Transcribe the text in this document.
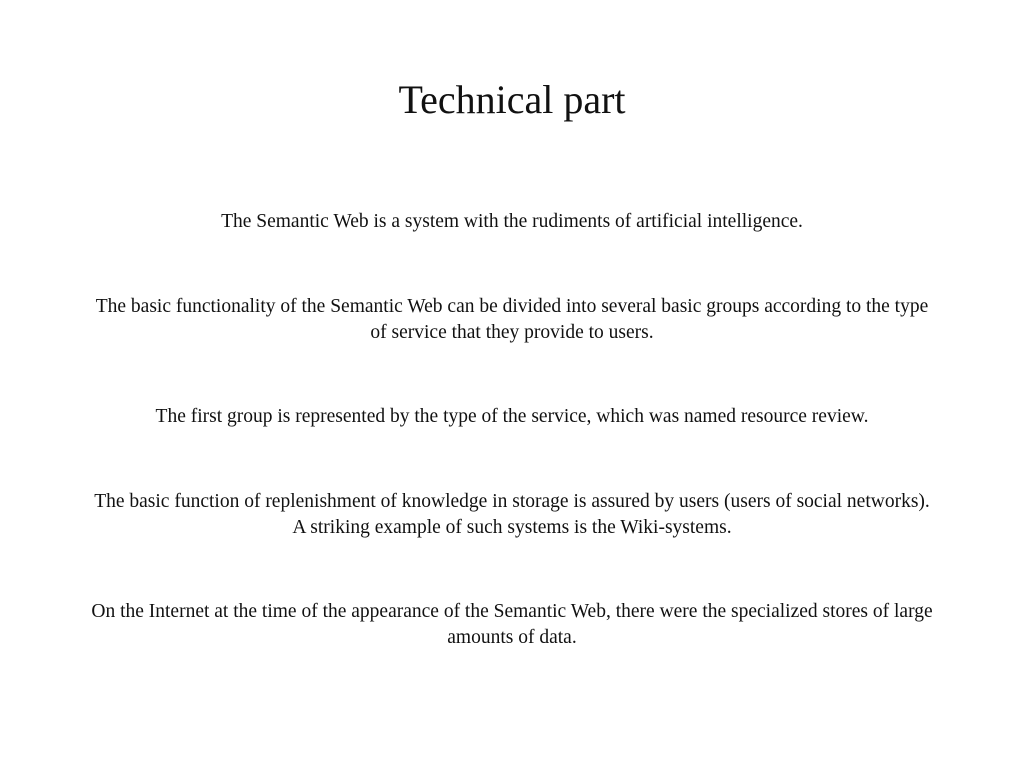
Technical part

The Semantic Web is a system with the rudiments of artificial intelligence.

The basic functionality of the Semantic Web can be divided into several basic groups according to the type
of service that they provide to users.

The first group is represented by the type of the service, which was named resource review.

The basic function of replenishment of knowledge in storage is assured by users (users of social networks).
A striking example of such systems is the Wiki-systems.

On the Internet at the time of the appearance of the Semantic Web, there were the specialized stores of large
amounts of data.
